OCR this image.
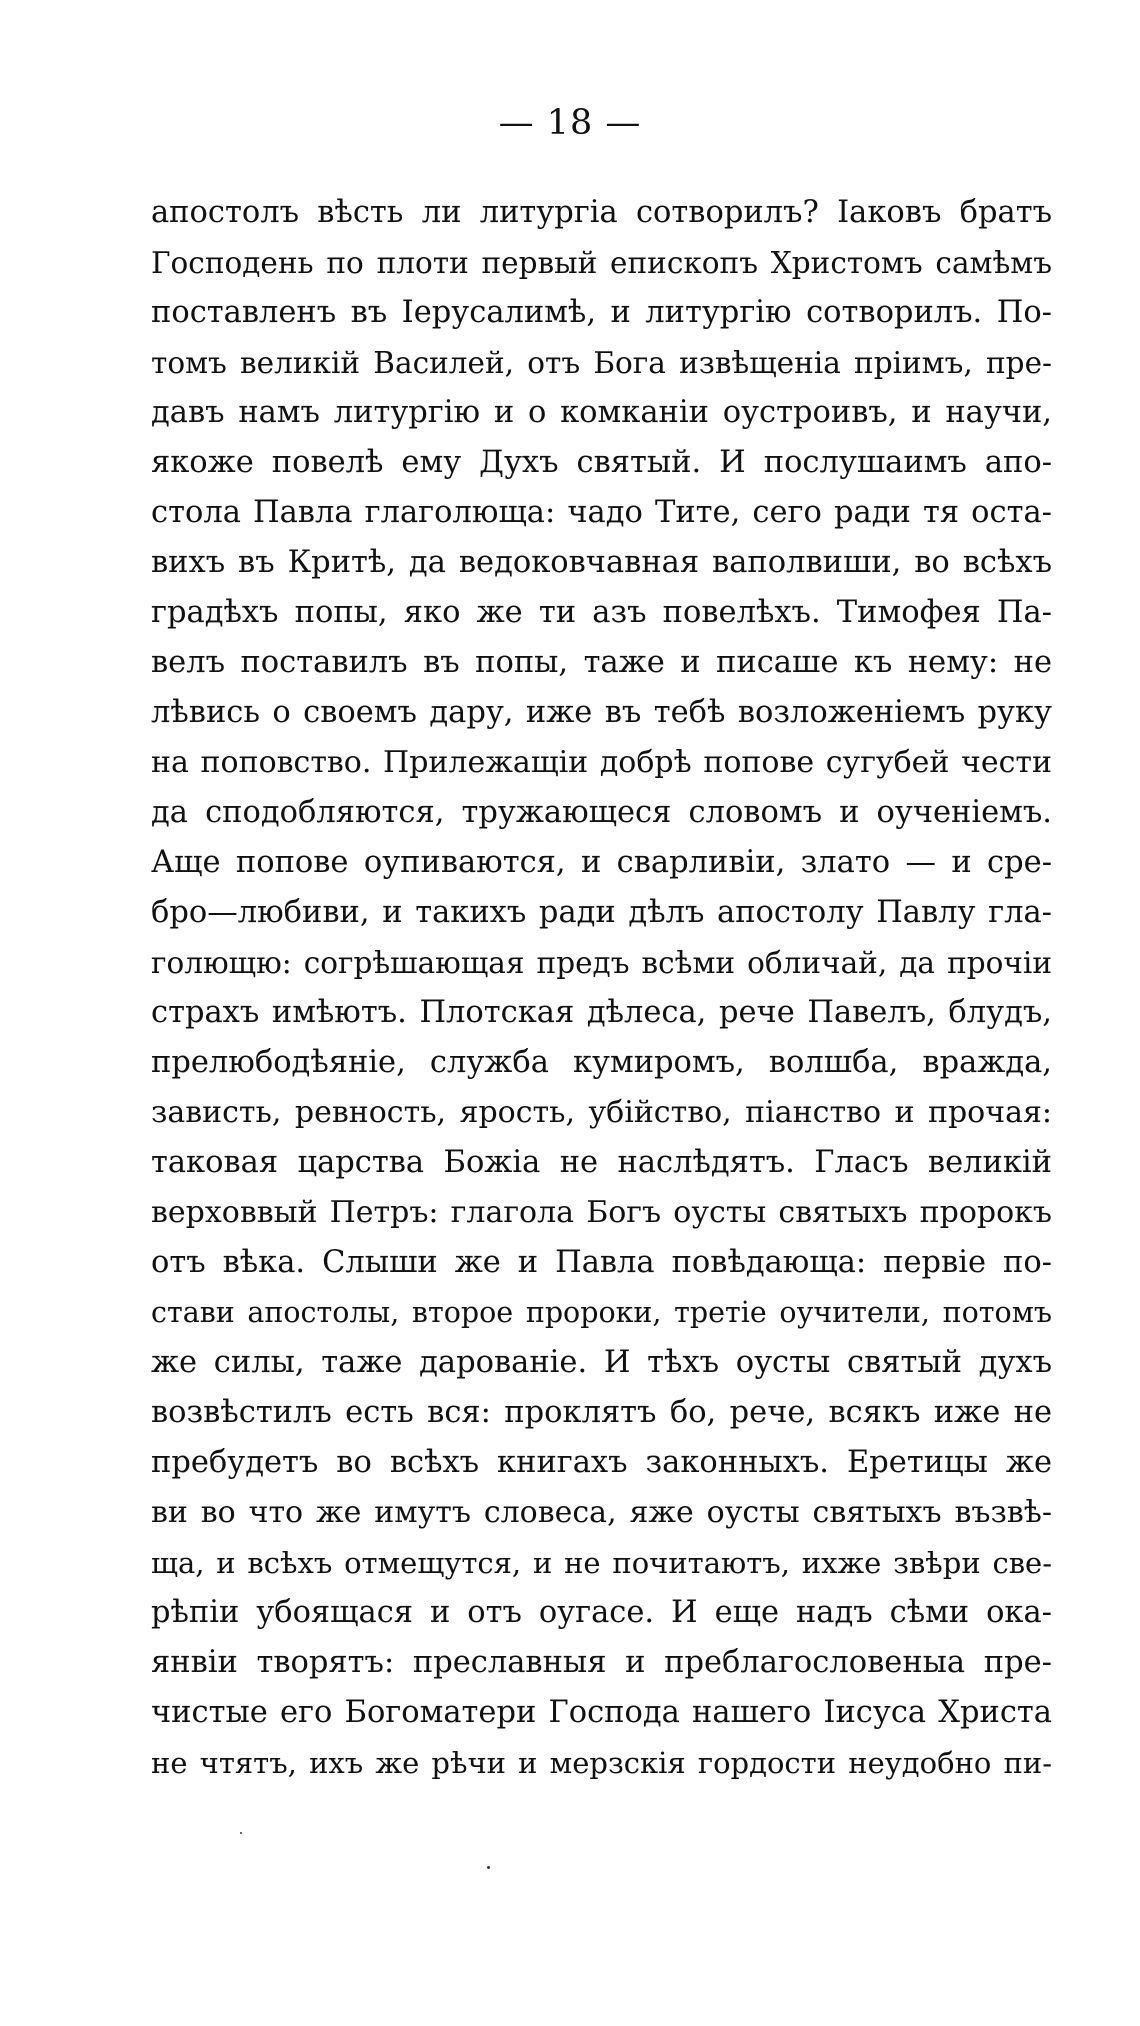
— 18 —
апостолъ вѣсть ли литургіа сотворилъ? Іаковъ братъ
Господень по плоти первый епископъ Христомъ самѣмъ
поставленъ въ Іерусалимѣ, и литургію сотворилъ. По-
томъ великій Василей, отъ Бога извѣщеніа пріимъ, пре-
давъ намъ литургію и о комканіи оустроивъ, и научи,
якоже повелѣ ему Духъ святый. И послушаимъ апо-
стола Павла глаголюща: чадо Тите, сего ради тя остa-
вихъ въ Критѣ, да ведоковчавная ваполвиши, во всѣхъ
градѣхъ попы, яко же ти азъ повелѣхъ. Тимофея Па-
велъ поставилъ въ попы, таже и писаше къ нему: не
лѣвись о своемъ дару, иже въ тебѣ возложеніемъ руку
на поповство. Прилежащіи добрѣ попове сугубей чести
да сподобляются, тружающеся словомъ и оученіемъ.
Аще попове оупиваются, и сварливіи, злато — и сре-
бро—любиви, и такихъ ради дѣлъ апостолу Павлу гла-
голющю: согрѣшающая предъ всѣми обличай, да прочіи
страхъ имѣютъ. Плотская дѣлеса, рече Павелъ, блудъ,
прелюбодѣяніе, служба кумиромъ, волшба, вражда,
зависть, ревность, ярость, убійство, піанство и прочая:
таковая царства Божіа не наслѣдятъ. Гласъ великій
верховвый Петръ: глагола Богъ оусты святыхъ пророкъ
отъ вѣка. Слыши же и Павла повѣдающа: первіе по-
стави апостолы, второе пророки, третіе оучители, потомъ
же силы, таже дарованіе. И тѣхъ оусты святый духъ
возвѣстилъ есть вся: проклятъ бо, рече, всякъ иже не
пребудетъ во всѣхъ книгахъ законныхъ. Еретицы же
ви во что же имутъ словеса, яже оусты святыхъ възвѣ-
ща, и всѣхъ отмещутся, и не почитаютъ, ихже звѣри све-
рѣпіи убоящася и отъ оугасе. И еще надъ сѣми ока-
янвіи творятъ: преславныя и преблагословеныа пре-
чистые его Богоматери Господа нашего Іисуса Христа
не чтятъ, ихъ же рѣчи и мерзскія гордости неудобно пи-
